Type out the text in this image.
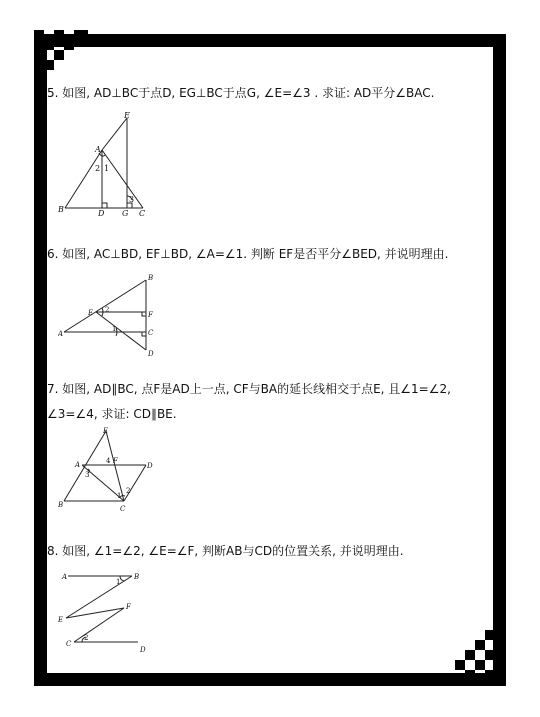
5. 如图, AD⊥BC于点D, EG⊥BC于点G, ∠E=∠3 . 求证: AD平分∠BAC.
E
A
2 1
3
B	D G C
6. 如图, AC⊥BD, EF⊥BD, ∠A=∠1. 判断 EF是否平分∠BED, 并说明理由.
B
E 2
F
A
1	C
D
7. 如图, AD∥BC, 点F是AD上一点, CF与BA的延长线相交于点E, 且∠1=∠2,
∠3=∠4, 求证: CD∥BE.
E
A	4 F
D
3
1
2
B	C
8. 如图, ∠1=∠2, ∠E=∠F, 判断AB与CD的位置关系, 并说明理由.
A
1
B
F
E
C
2
D
